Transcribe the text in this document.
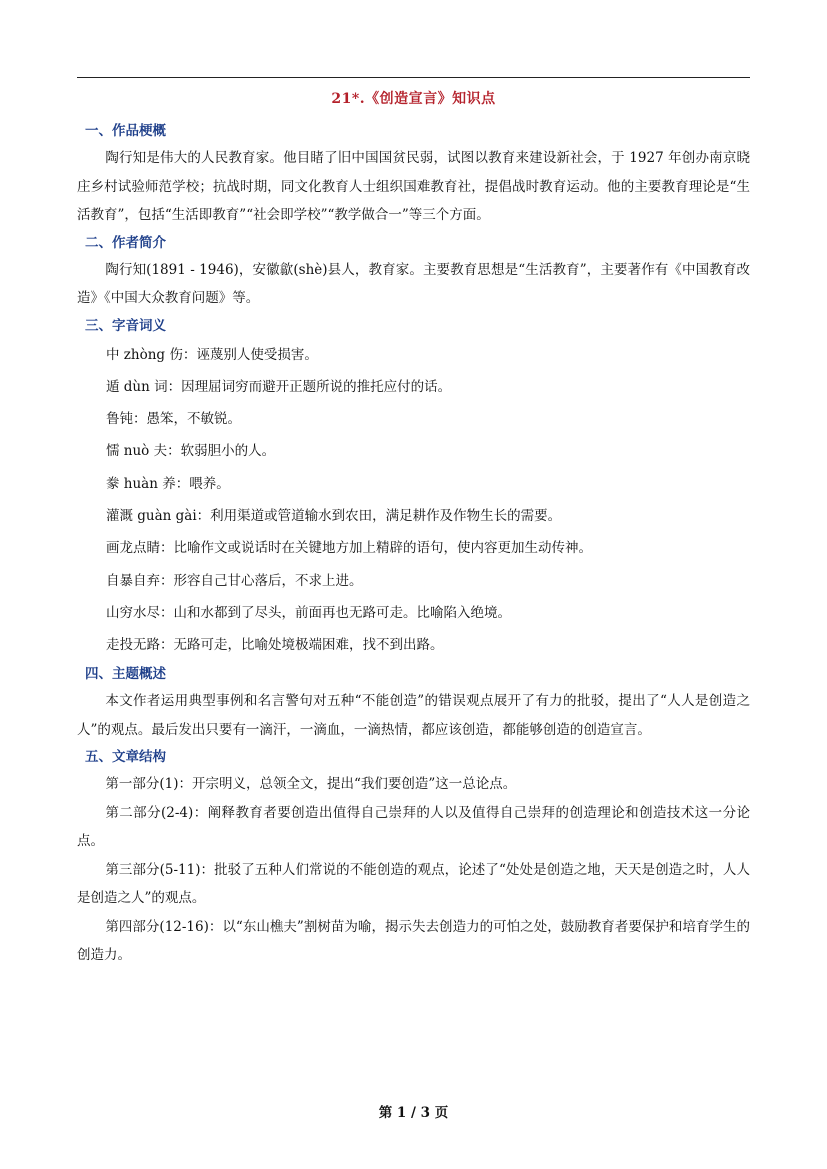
21*.《创造宣言》知识点
一、作品梗概

陶行知是伟大的人民教育家。他目睹了旧中国国贫民弱，试图以教育来建设新社会，于 1927 年创办南京晓庄乡村试验师范学校；抗战时期，同文化教育人士组织国难教育社，提倡战时教育运动。他的主要教育理论是“生活教育”，包括“生活即教育”“社会即学校”“教学做合一”等三个方面。

二、作者简介

陶行知(1891 - 1946)，安徽歙(shè)县人，教育家。主要教育思想是“生活教育”，主要著作有《中国教育改造》《中国大众教育问题》等。

三、字音词义

中 zhòng 伤：诬蔑别人使受损害。

遁 dùn 词：因理屈词穷而避开正题所说的推托应付的话。

鲁钝：愚笨，不敏锐。

懦 nuò 夫：软弱胆小的人。

豢 huàn 养：喂养。

灌溉 guàn gài：利用渠道或管道输水到农田，满足耕作及作物生长的需要。

画龙点睛：比喻作文或说话时在关键地方加上精辟的语句，使内容更加生动传神。

自暴自弃：形容自己甘心落后，不求上进。

山穷水尽：山和水都到了尽头，前面再也无路可走。比喻陷入绝境。

走投无路：无路可走，比喻处境极端困难，找不到出路。

四、主题概述

本文作者运用典型事例和名言警句对五种“不能创造”的错误观点展开了有力的批驳，提出了“人人是创造之人”的观点。最后发出只要有一滴汗，一滴血，一滴热情，都应该创造，都能够创造的创造宣言。

五、文章结构

第一部分(1)：开宗明义，总领全文，提出“我们要创造”这一总论点。

第二部分(2-4)：阐释教育者要创造出值得自己崇拜的人以及值得自己崇拜的创造理论和创造技术这一分论点。

第三部分(5-11)：批驳了五种人们常说的不能创造的观点，论述了“处处是创造之地，天天是创造之时，人人是创造之人”的观点。

第四部分(12-16)：以“东山樵夫”割树苗为喻，揭示失去创造力的可怕之处，鼓励教育者要保护和培育学生的创造力。

第 1 / 3 页
